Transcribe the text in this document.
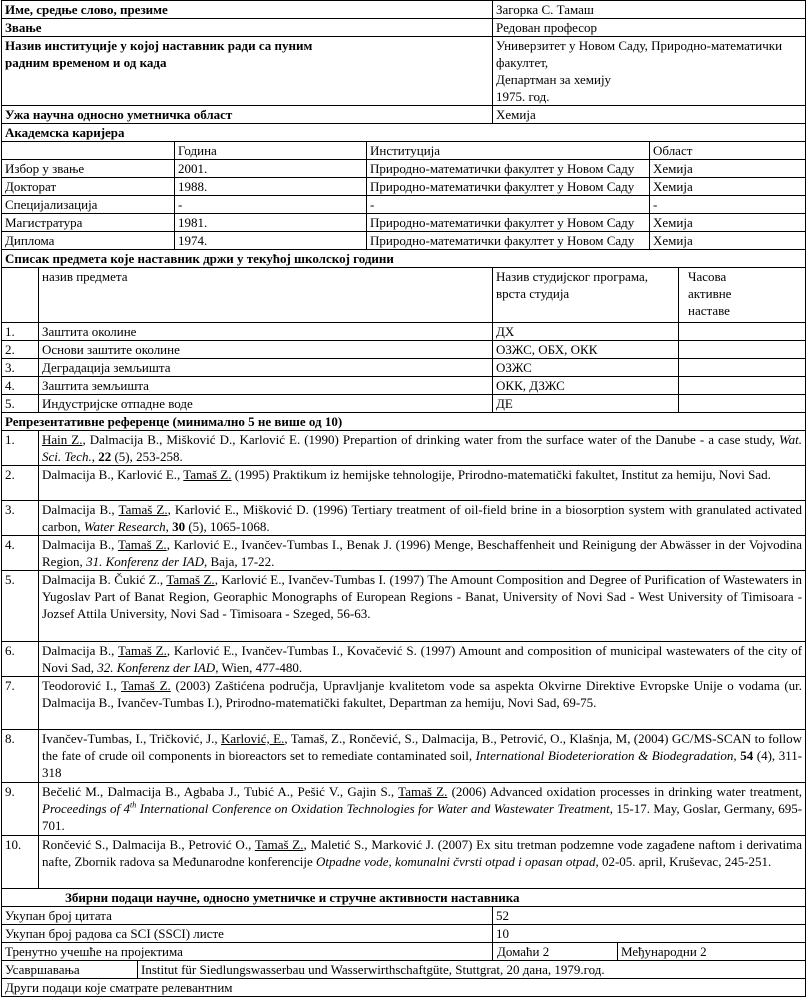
Име, средње слово, презиме					Загорка С. Тамаш			
Звање					Редован професор			

Назив институције у којој наставник ради са пуним радним временом и од када					Универзитет у Новом Саду, Природно-математички факултет,
Департман за хемију
1975. год.			

Ужа научна односно уметничка област					Хемија			
Академска каријера								
			Година	Институција			Област	
Избор у звање			2001.	Природно-математички факултет у Новом Саду			Хемија	
Докторат			1988.	Природно-математички факултет у Новом Саду			Хемија	
Специјализација			-	-			-	
Магистратура			1981.	Природно-математички факултет у Новом Саду			Хемија	
Диплома			1974.	Природно-математички факултет у Новом Саду			Хемија	
Списак предмета које наставник држи у текућој школској години								
	назив предмета				Назив студијског програма, врста студија			Часова активне наставе

1.	Заштита околине				ДХ			
2.	Основи заштите околине				ОЗЖС, ОБХ, ОКК			
3.	Деградација земљишта				ОЗЖС			
4.	Заштита земљишта				ОКК, ДЗЖС			
5.	Индустријске отпадне воде				ДЕ			
Репрезентативне референце (минимално 5 не више од 10)								
1.	Hain Z., Dalmacija B., Mišković D., Karlović E. (1990) Prepartion of drinking water from the surface water of the Danube - a case study, Wat. Sci. Tech., 22 (5), 253-258.							
2.	Dalmacija B., Karlović E., Tamaš Z. (1995) Praktikum iz hemijske tehnologije, Prirodno-matematički fakultet, Institut za hemiju, Novi Sad.							
3.	Dalmacija B., Tamaš Z., Karlović E., Mišković D. (1996) Tertiary treatment of oil-field brine in a biosorption system with granulated activated carbon, Water Research, 30 (5), 1065-1068.							
4.	Dalmacija B., Tamaš Z., Karlović E., Ivančev-Tumbas I., Benak J. (1996) Menge, Beschaffenheit und Reinigung der Abwässer in der Vojvodina Region, 31. Konferenz der IAD, Baja, 17-22.							
5.	Dalmacija B. Čukić Z., Tamaš Z., Karlović E., Ivančev-Tumbas I. (1997) The Amount Composition and Degree of Purification of Wastewaters in Yugoslav Part of Banat Region, Georaphic Monographs of European Regions - Banat, University of Novi Sad - West University of Timisoara - Jozsef Attila University, Novi Sad - Timisoara - Szeged, 56-63.							
6.	Dalmacija B., Tamaš Z., Karlović E., Ivančev-Tumbas I., Kovačević S. (1997) Amount and composition of municipal wastewaters of the city of Novi Sad, 32. Konferenz der IAD, Wien, 477-480.							
7.	Teodorović I., Tamaš Z. (2003) Zaštićena područja, Upravljanje kvalitetom vode sa aspekta Okvirne Direktive Evropske Unije o vodama (ur. Dalmacija B., Ivančev-Tumbas I.), Prirodno-matematički fakultet, Departman za hemiju, Novi Sad, 69-75.							
8.	Ivančev-Tumbas, I., Tričković, J., Karlović, E., Tamaš, Z., Rončević, S., Dalmacija, B., Petrović, O., Klašnja, M, (2004) GC/MS-SCAN to follow the fate of crude oil components in bioreactors set to remediate contaminated soil, International Biodeterioration & Biodegradation, 54 (4), 311-318							
9.	Bečelić M., Dalmacija B., Agbaba J., Tubić A., Pešić V., Gajin S., Tamaš Z. (2006) Advanced oxidation processes in drinking water treatment, Proceedings of 4th International Conference on Oxidation Technologies for Water and Wastewater Treatment, 15-17. May, Goslar, Germany, 695-701.							
10.	Rončević S., Dalmacija B., Petrović O., Tamaš Z., Maletić S., Marković J. (2007) Ex situ tretman podzemne vode zagađene naftom i derivatima nafte, Zbornik radova sa Međunarodne konferencije Otpadne vode, komunalni čvrsti otpad i opasan otpad, 02-05. april, Kruševac, 245-251.							

Збирни подаци научне, односно уметничке и стручне активности наставника								

Укупан број цитата					52			
Укупан број радова са SCI (SSCI) листе					10			
Тренутно учешће на пројектима					Домаћи 2	Међународни 2		
Усавршавања		Institut für Siedlungswasserbau und Wasserwirthschaftgüte, Stuttgrat, 20 дана, 1979.год.						
Други подаци које сматрате релевантним								
